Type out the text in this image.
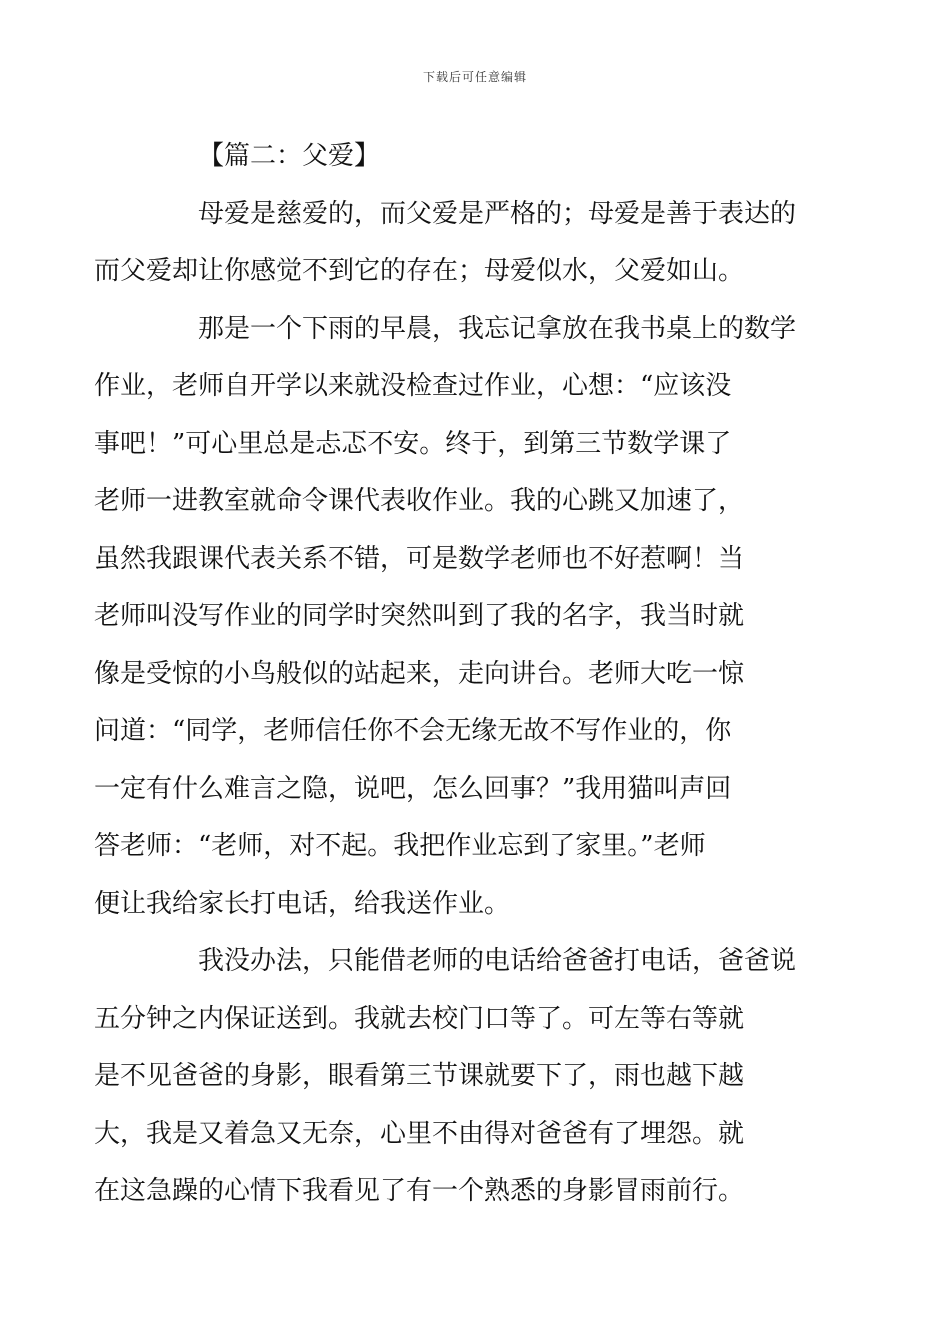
下载后可任意编辑
【篇二：父爱】

母爱是慈爱的，而父爱是严格的；母爱是善于表达的
而父爱却让你感觉不到它的存在；母爱似水，父爱如山。

那是一个下雨的早晨，我忘记拿放在我书桌上的数学
作业，老师自开学以来就没检查过作业，心想：“应该没
事吧！”可心里总是忐忑不安。终于，到第三节数学课了
老师一进教室就命令课代表收作业。我的心跳又加速了，
虽然我跟课代表关系不错，可是数学老师也不好惹啊！当
老师叫没写作业的同学时突然叫到了我的名字，我当时就
像是受惊的小鸟般似的站起来，走向讲台。老师大吃一惊
问道：“同学，老师信任你不会无缘无故不写作业的，你
一定有什么难言之隐，说吧，怎么回事？”我用猫叫声回
答老师：“老师，对不起。我把作业忘到了家里。”老师
便让我给家长打电话，给我送作业。

我没办法，只能借老师的电话给爸爸打电话，爸爸说
五分钟之内保证送到。我就去校门口等了。可左等右等就
是不见爸爸的身影，眼看第三节课就要下了，雨也越下越
大，我是又着急又无奈，心里不由得对爸爸有了埋怨。就
在这急躁的心情下我看见了有一个熟悉的身影冒雨前行。
